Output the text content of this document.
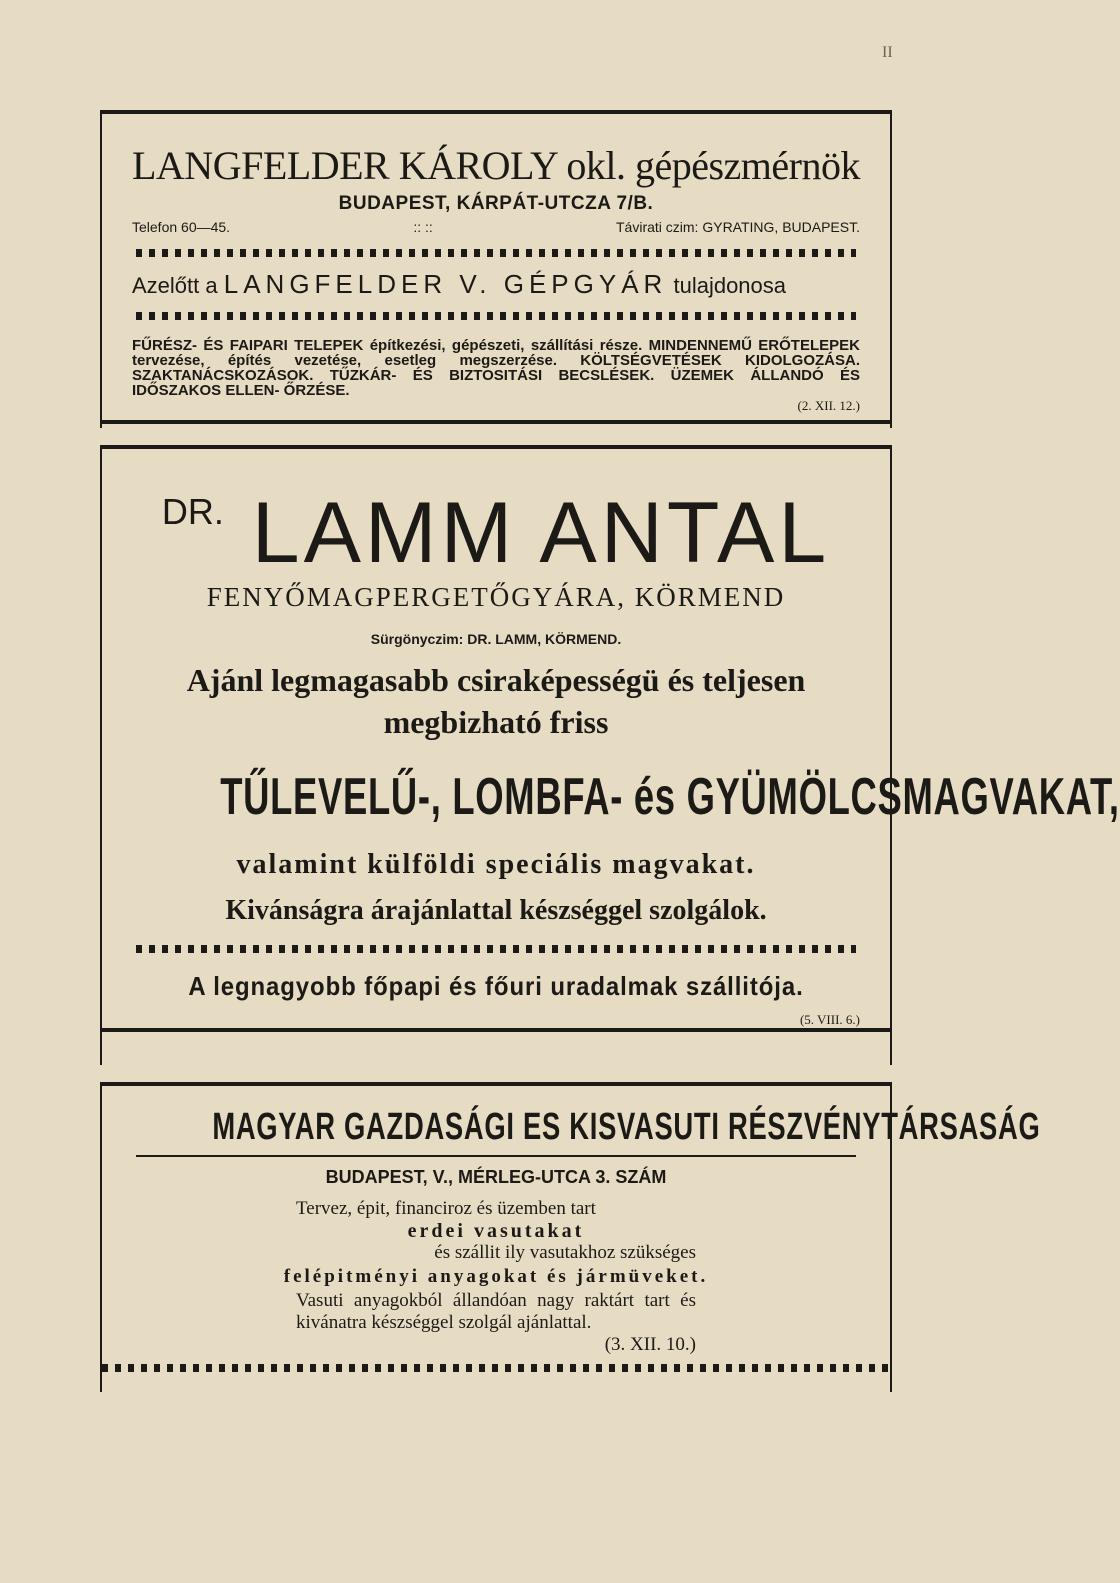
II
LANGFELDER KÁROLY okl. gépészmérnök
BUDAPEST, KÁRPÁT-UTCZA 7/B.
Telefon 60—45.	:: ::	Távirati czim: GYRATING, BUDAPEST.
Azelőtt a LANGFELDER V. GÉPGYÁR tulajdonosa
FŰRÉSZ- ÉS FAIPARI TELEPEK építkezési, gépészeti, szállítási része. MINDENNEMŰ ERŐTELEPEK tervezése, építés vezetése, esetleg megszerzése. KÖLTSÉGVETÉSEK KIDOLGOZÁSA. SZAKTANÁCSKOZÁSOK. TŰZKÁR- ÉS BIZTOSITÁSI BECSLÉSEK. ÜZEMEK ÁLLANDÓ ÉS IDŐSZAKOS ELLEN- ŐRZÉSE.
(2. XII. 12.)
$^{DR.}$ LAMM ANTAL
FENYŐMAGPERGETŐGYÁRA, KÖRMEND
Sürgönyczim: DR. LAMM, KÖRMEND.
Ajánl legmagasabb csiraképességü és teljesen megbizható friss
TŰLEVELŰ-, LOMBFA- és GYÜMÖLCSMAGVAKAT,
valamint külföldi speciális magvakat.
Kivánságra árajánlattal készséggel szolgálok.
A legnagyobb főpapi és főuri uradalmak szállitója.
(5. VIII. 6.)
MAGYAR GAZDASÁGI ES KISVASUTI RÉSZVÉNYTÁRSASÁG
BUDAPEST, V., MÉRLEG-UTCA 3. SZÁM
Tervez, épit, financiroz és üzemben tart
erdei vasutakat
és szállit ily vasutakhoz szükséges
felépitményi anyagokat és jármüveket.
Vasuti anyagokból állandóan nagy raktárt tart és kivánatra készséggel szolgál ajánlattal.
(3. XII. 10.)
